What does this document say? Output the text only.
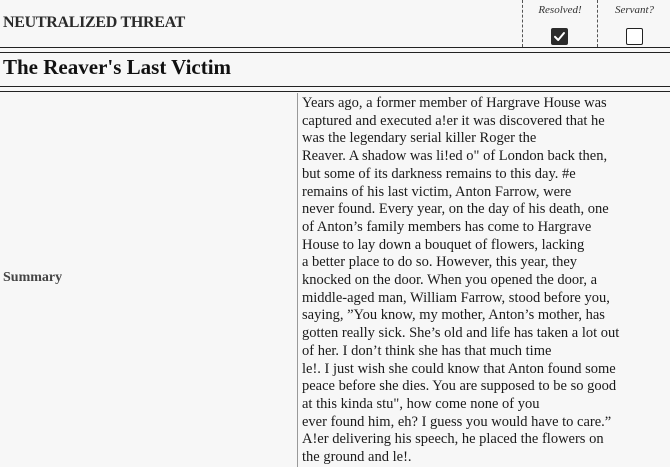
NEUTRALIZED THREAT
Resolved!	Servant?
The Reaver's Last Victim
Summary
Years ago, a former member of Hargrave House was
captured and executed a!er it was discovered that he
was the legendary serial killer Roger the
Reaver. A shadow was li!ed o" of London back then,
but some of its darkness remains to this day. #e
remains of his last victim, Anton Farrow, were
never found. Every year, on the day of his death, one
of Anton’s family members has come to Hargrave
House to lay down a bouquet of flowers, lacking
a better place to do so. However, this year, they
knocked on the door. When you opened the door, a
middle-aged man, William Farrow, stood before you,
saying, ”You know, my mother, Anton’s mother, has
gotten really sick. She’s old and life has taken a lot out
of her. I don’t think she has that much time
le!. I just wish she could know that Anton found some
peace before she dies. You are supposed to be so good
at this kinda stu", how come none of you
ever found him, eh? I guess you would have to care.”
A!er delivering his speech, he placed the flowers on
the ground and le!.
